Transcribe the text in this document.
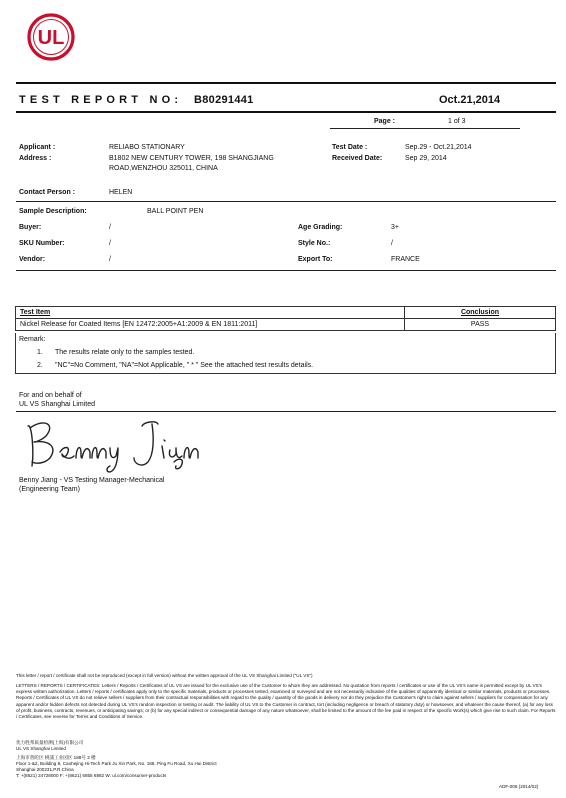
UL
TEST REPORT NO: B80291441	Oct.21,2014
Page :	1 of 3
Applicant :	RELIABO STATIONARY
Address :	B1802 NEW CENTURY TOWER, 198 SHANGJIANG
ROAD,WENZHOU 325011, CHINA
Test Date :	Sep.29 - Oct.21,2014
Received Date:	Sep 29, 2014
Contact Person :	HELEN
Sample Description:	BALL POINT PEN
Buyer:	/	Age Grading:	3+
SKU Number:	/	Style No.:	/
Vendor:	/	Export To:	FRANCE
Test Item	Conclusion
Nickel Release for Coated Items [EN 12472:2005+A1:2009 & EN 1811:2011]	PASS
Remark:
1. The results relate only to the samples tested.
2. "NC"=No Comment, "NA"=Not Applicable, " * " See the attached test results details.
For and on behalf of
UL VS Shanghai Limited
Benny Jiang - VS Testing Manager-Mechanical
(Engineering Team)
This letter / report / certificate shall not be reproduced (except in full version) without the written approval of the UL VS Shanghai Limited ("UL VS")
LETTERS / REPORTS / CERTIFICATES: Letters / Reports / Certificates of UL VS are issued for the exclusive use of the Customer to whom they are addressed. No quotation from reports / certificates or use of the UL VS's name is permitted except by UL VS's express written authorization. Letters / reports / certificates apply only to the specific materials, products or processes tested, examined or surveyed and are not necessarily indicative of the qualities of apparently identical or similar materials, products or processes. Reports / Certificates of UL VS do not relieve sellers / suppliers from their contractual responsibilities with regard to the quality / quantity of the goods in delivery nor do they prejudice the Customer's right to claim against sellers / suppliers for compensation for any apparent and/or hidden defects not detected during UL VS's random inspection or testing or audit. The liability of UL VS to the Customer in contract, tort (including negligence or breach of statutory duty) or howsoever, and whatever the cause thereof, (a) for any loss of profit, business, contracts, revenues, or anticipating savings; or (b) for any special indirect or consequential damage of any nature whatsoever, shall be limited to the amount of the fee paid in respect of the specific Work(s) which give rise to such claim. For Reports / Certificates, see reverse for Terms and Conditions of Service.
优力胜邦质量检测(上海)有限公司
UL VS Shanghai Limited
上海市普陀区 桃浦工业园区 188号 2 楼
Floor 1-&2, Building 8, Caohejing Hi-Tech Park Ju Xin Park, No. 188, Ping Fu Road, Xu Hui District
Shanghai 200231,P.R.China
T: +(8621) 24728000 F: +(8621) 6855 6882 W: ul.com/consumer-products
ADF-006 (2014/02)
